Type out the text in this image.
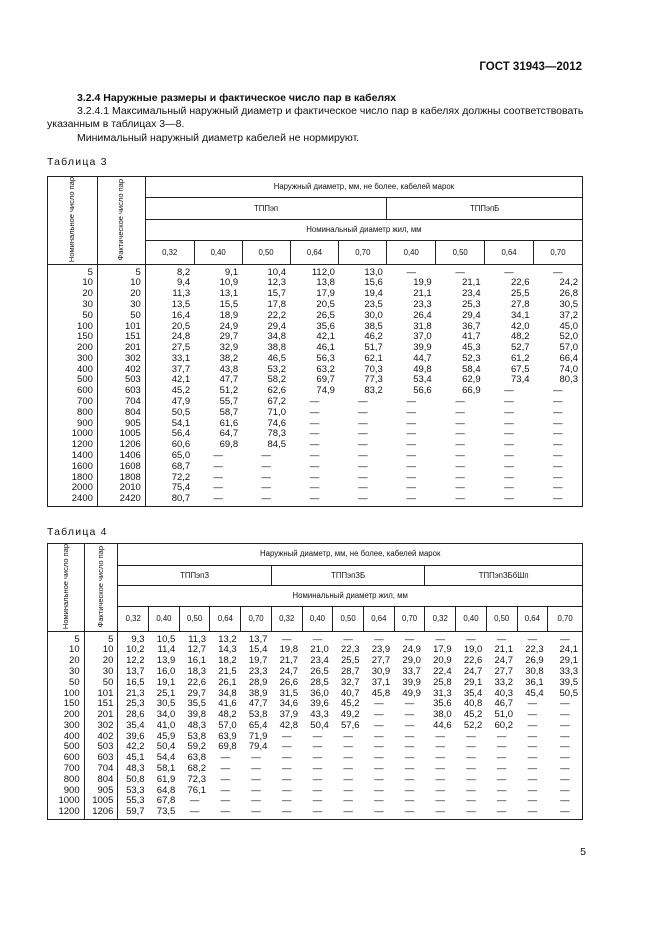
ГОСТ 31943—2012
3.2.4 Наружные размеры и фактическое число пар в кабелях
3.2.4.1 Максимальный наружный диаметр и фактическое число пар в кабелях должны соответствовать указанным в таблицах 3—8.
Минимальный наружный диаметр кабелей не нормируют.
Таблица 3
Номинальное число пар	Фактическое число пар	Наружный диаметр, мм, не более, кабелей марок								
		ТППэп					ТППэпБ			
		Номинальный диаметр жил, мм								
		0,32	0,40	0,50	0,64	0,70	0,40	0,50	0,64	0,70
5	5	8,2	9,1	10,4	112,0	13,0	—	—	—	—
10	10	9,4	10,9	12,3	13,8	15,6	19,9	21,1	22,6	24,2
20	20	11,3	13,1	15,7	17,9	19,4	21,1	23,4	25,5	26,8
30	30	13,5	15,5	17,8	20,5	23,5	23,3	25,3	27,8	30,5
50	50	16,4	18,9	22,2	26,5	30,0	26,4	29,4	34,1	37,2
100	101	20,5	24,9	29,4	35,6	38,5	31,8	36,7	42,0	45,0
150	151	24,8	29,7	34,8	42,1	46,2	37,0	41,7	48,2	52,0
200	201	27,5	32,9	38,8	46,1	51,7	39,9	45,3	52,7	57,0
300	302	33,1	38,2	46,5	56,3	62,1	44,7	52,3	61,2	66,4
400	402	37,7	43,8	53,2	63,2	70,3	49,8	58,4	67,5	74,0
500	503	42,1	47,7	58,2	69,7	77,3	53,4	62,9	73,4	80,3
600	603	45,2	51,2	62,6	74,9	83,2	56,6	66,9	—	—
700	704	47,9	55,7	67,2	—	—	—	—	—	—
800	804	50,5	58,7	71,0	—	—	—	—	—	—
900	905	54,1	61,6	74,6	—	—	—	—	—	—
1000	1005	56,4	64,7	78,3	—	—	—	—	—	—
1200	1206	60,6	69,8	84,5	—	—	—	—	—	—
1400	1406	65,0	—	—	—	—	—	—	—	—
1600	1608	68,7	—	—	—	—	—	—	—	—
1800	1808	72,2	—	—	—	—	—	—	—	—
2000	2010	75,4	—	—	—	—	—	—	—	—
2400	2420	80,7	—	—	—	—	—	—	—	—
Таблица 4
Номинальное число пар	Фактическое число пар	Наружный диаметр, мм, не более, кабелей марок														
		ТППэпЗ					ТППэпЗБ					ТППэпЗБбШп				
		Номинальный диаметр жил, мм														
		0,32	0,40	0,50	0,64	0,70	0,32	0,40	0,50	0,64	0,70	0,32	0,40	0,50	0,64	0,70
5	5	9,3	10,5	11,3	13,2	13,7	—	—	—	—	—	—	—	—	—	—
10	10	10,2	11,4	12,7	14,3	15,4	19,8	21,0	22,3	23,9	24,9	17,9	19,0	21,1	22,3	24,1
20	20	12,2	13,9	16,1	18,2	19,7	21,7	23,4	25,5	27,7	29,0	20,9	22,6	24,7	26,9	29,1
30	30	13,7	16,0	18,3	21,5	23,3	24,7	26,5	28,7	30,9	33,7	22,4	24,7	27,7	30,8	33,3
50	50	16,5	19,1	22,6	26,1	28,9	26,6	28,5	32,7	37,1	39,9	25,8	29,1	33,2	36,1	39,5
100	101	21,3	25,1	29,7	34,8	38,9	31,5	36,0	40,7	45,8	49,9	31,3	35,4	40,3	45,4	50,5
150	151	25,3	30,5	35,5	41,6	47,7	34,6	39,6	45,2	—	—	35,6	40,8	46,7	—	—
200	201	28,6	34,0	39,8	48,2	53,8	37,9	43,3	49,2	—	—	38,0	45,2	51,0	—	—
300	302	35,4	41,0	48,3	57,0	65,4	42,8	50,4	57,6	—	—	44,6	52,2	60,2	—	—
400	402	39,6	45,9	53,8	63,9	71,9	—	—	—	—	—	—	—	—	—	—
500	503	42,2	50,4	59,2	69,8	79,4	—	—	—	—	—	—	—	—	—	—
600	603	45,1	54,4	63,8	—	—	—	—	—	—	—	—	—	—	—	—
700	704	48,3	58,1	68,2	—	—	—	—	—	—	—	—	—	—	—	—
800	804	50,8	61,9	72,3	—	—	—	—	—	—	—	—	—	—	—	—
900	905	53,3	64,8	76,1	—	—	—	—	—	—	—	—	—	—	—	—
1000	1005	55,3	67,8	—	—	—	—	—	—	—	—	—	—	—	—	—
1200	1206	59,7	73,5	—	—	—	—	—	—	—	—	—	—	—	—	—
5
